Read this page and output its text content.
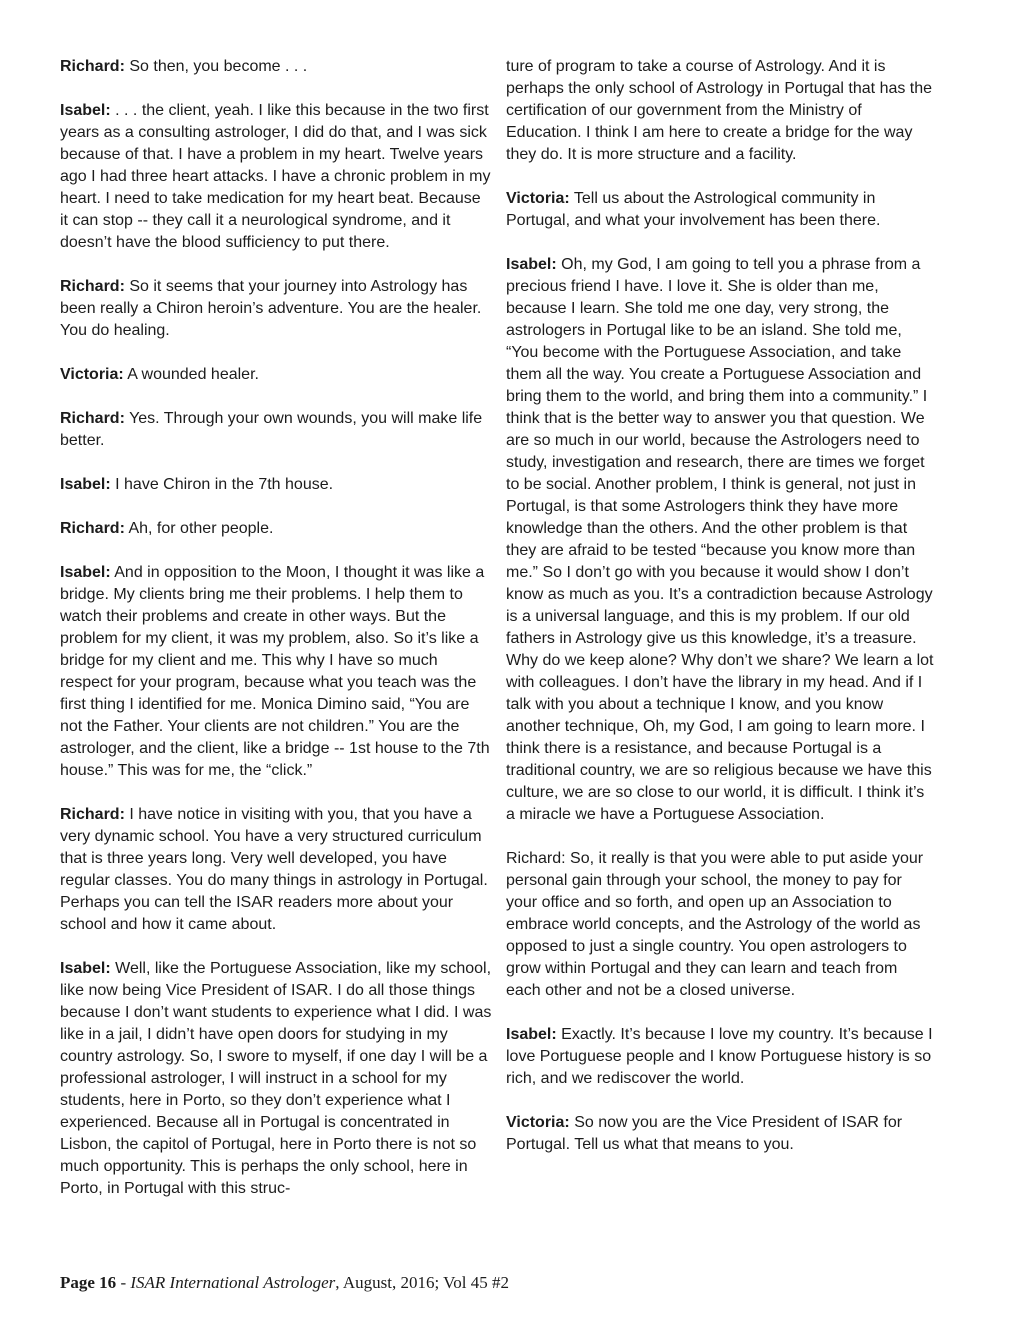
Richard: So then, you become . . .

Isabel: . . . the client, yeah. I like this because in the two first years as a consulting astrologer, I did do that, and I was sick because of that. I have a problem in my heart. Twelve years ago I had three heart attacks. I have a chronic problem in my heart. I need to take medication for my heart beat. Because it can stop -- they call it a neurological syndrome, and it doesn’t have the blood sufficiency to put there.

Richard: So it seems that your journey into Astrology has been really a Chiron heroin’s adventure. You are the healer. You do healing.

Victoria: A wounded healer.

Richard: Yes. Through your own wounds, you will make life better.

Isabel: I have Chiron in the 7th house.

Richard: Ah, for other people.

Isabel: And in opposition to the Moon, I thought it was like a bridge. My clients bring me their problems. I help them to watch their problems and create in other ways. But the problem for my client, it was my problem, also. So it’s like a bridge for my client and me. This why I have so much respect for your program, because what you teach was the first thing I identified for me. Monica Dimino said, “You are not the Father. Your clients are not children.” You are the astrologer, and the client, like a bridge -- 1st house to the 7th house.” This was for me, the “click.”

Richard: I have notice in visiting with you, that you have a very dynamic school. You have a very structured curriculum that is three years long. Very well developed, you have regular classes. You do many things in astrology in Portugal. Perhaps you can tell the ISAR readers more about your school and how it came about.

Isabel: Well, like the Portuguese Association, like my school, like now being Vice President of ISAR. I do all those things because I don’t want students to experience what I did. I was like in a jail, I didn’t have open doors for studying in my country astrology. So, I swore to myself, if one day I will be a professional astrologer, I will instruct in a school for my students, here in Porto, so they don’t experience what I experienced. Because all in Portugal is concentrated in Lisbon, the capitol of Portugal, here in Porto there is not so much opportunity. This is perhaps the only school, here in Porto, in Portugal with this struc-

ture of program to take a course of Astrology. And it is perhaps the only school of Astrology in Portugal that has the certification of our government from the Ministry of Education. I think I am here to create a bridge for the way they do. It is more structure and a facility.

Victoria: Tell us about the Astrological community in Portugal, and what your involvement has been there.

Isabel: Oh, my God, I am going to tell you a phrase from a precious friend I have. I love it. She is older than me, because I learn. She told me one day, very strong, the astrologers in Portugal like to be an island. She told me, “You become with the Portuguese Association, and take them all the way. You create a Portuguese Association and bring them to the world, and bring them into a community.” I think that is the better way to answer you that question. We are so much in our world, because the Astrologers need to study, investigation and research, there are times we forget to be social. Another problem, I think is general, not just in Portugal, is that some Astrologers think they have more knowledge than the others. And the other problem is that they are afraid to be tested “because you know more than me.” So I don’t go with you because it would show I don’t know as much as you. It’s a contradiction because Astrology is a universal language, and this is my problem. If our old fathers in Astrology give us this knowledge, it’s a treasure. Why do we keep alone? Why don’t we share? We learn a lot with colleagues. I don’t have the library in my head. And if I talk with you about a technique I know, and you know another technique, Oh, my God, I am going to learn more. I think there is a resistance, and because Portugal is a traditional country, we are so religious because we have this culture, we are so close to our world, it is difficult. I think it’s a miracle we have a Portuguese Association.

Richard: So, it really is that you were able to put aside your personal gain through your school, the money to pay for your office and so forth, and open up an Association to embrace world concepts, and the Astrology of the world as opposed to just a single country. You open astrologers to grow within Portugal and they can learn and teach from each other and not be a closed universe.

Isabel: Exactly. It’s because I love my country. It’s because I love Portuguese people and I know Portuguese history is so rich, and we rediscover the world.

Victoria: So now you are the Vice President of ISAR for Portugal. Tell us what that means to you.

Page 16 - ISAR International Astrologer, August, 2016; Vol 45 #2
